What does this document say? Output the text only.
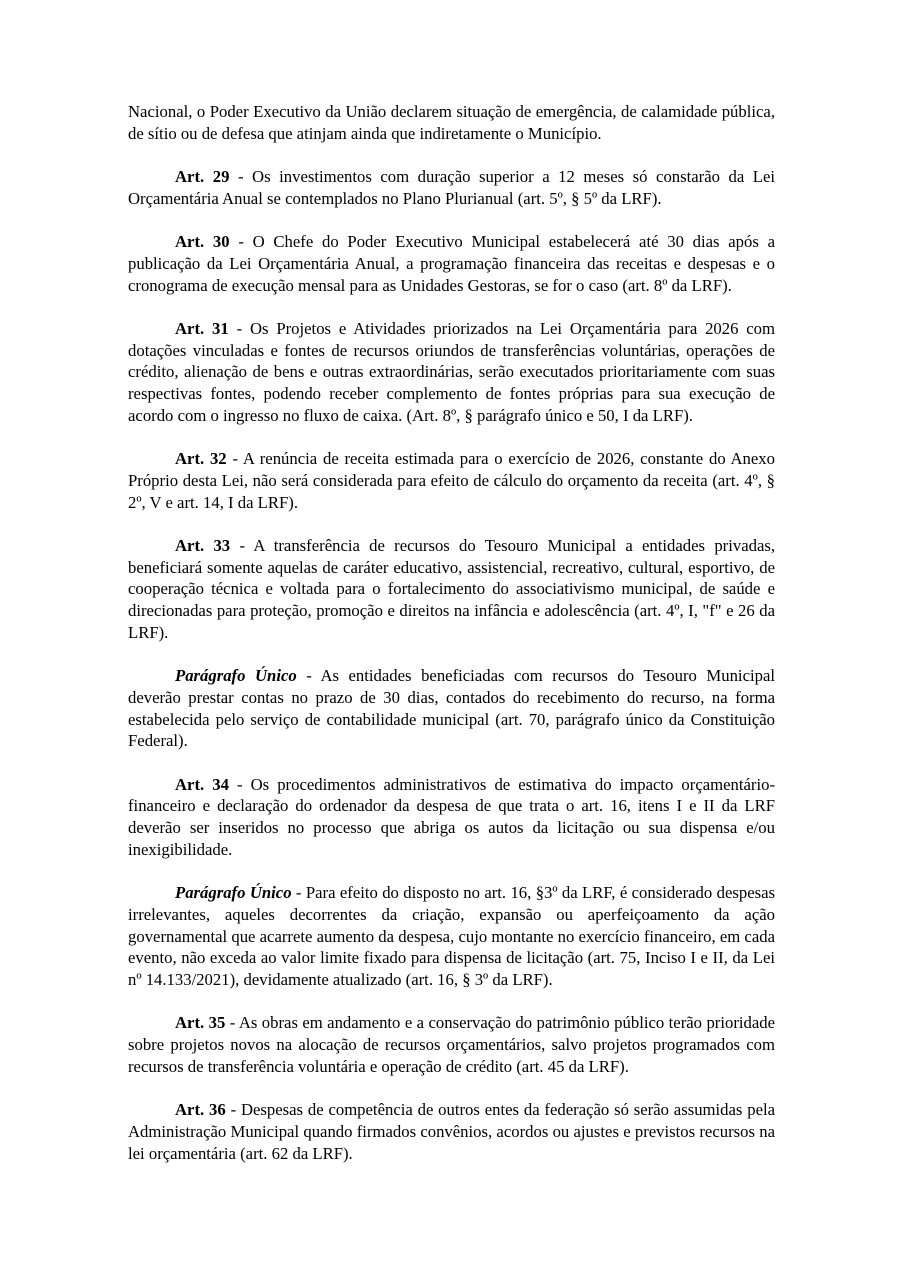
Nacional, o Poder Executivo da União declarem situação de emergência, de calamidade pública, de sítio ou de defesa que atinjam ainda que indiretamente o Município.

Art. 29 - Os investimentos com duração superior a 12 meses só constarão da Lei Orçamentária Anual se contemplados no Plano Plurianual (art. 5º, § 5º da LRF).

Art. 30 - O Chefe do Poder Executivo Municipal estabelecerá até 30 dias após a publicação da Lei Orçamentária Anual, a programação financeira das receitas e despesas e o cronograma de execução mensal para as Unidades Gestoras, se for o caso (art. 8º da LRF).

Art. 31 - Os Projetos e Atividades priorizados na Lei Orçamentária para 2026 com dotações vinculadas e fontes de recursos oriundos de transferências voluntárias, operações de crédito, alienação de bens e outras extraordinárias, serão executados prioritariamente com suas respectivas fontes, podendo receber complemento de fontes próprias para sua execução de acordo com o ingresso no fluxo de caixa. (Art. 8º, § parágrafo único e 50, I da LRF).

Art. 32 - A renúncia de receita estimada para o exercício de 2026, constante do Anexo Próprio desta Lei, não será considerada para efeito de cálculo do orçamento da receita (art. 4º, § 2º, V e art. 14, I da LRF).

Art. 33 - A transferência de recursos do Tesouro Municipal a entidades privadas, beneficiará somente aquelas de caráter educativo, assistencial, recreativo, cultural, esportivo, de cooperação técnica e voltada para o fortalecimento do associativismo municipal, de saúde e direcionadas para proteção, promoção e direitos na infância e adolescência (art. 4º, I, "f" e 26 da LRF).

Parágrafo Único - As entidades beneficiadas com recursos do Tesouro Municipal deverão prestar contas no prazo de 30 dias, contados do recebimento do recurso, na forma estabelecida pelo serviço de contabilidade municipal (art. 70, parágrafo único da Constituição Federal).

Art. 34 - Os procedimentos administrativos de estimativa do impacto orçamentário-financeiro e declaração do ordenador da despesa de que trata o art. 16, itens I e II da LRF deverão ser inseridos no processo que abriga os autos da licitação ou sua dispensa e/ou inexigibilidade.

Parágrafo Único - Para efeito do disposto no art. 16, §3º da LRF, é considerado despesas irrelevantes, aqueles decorrentes da criação, expansão ou aperfeiçoamento da ação governamental que acarrete aumento da despesa, cujo montante no exercício financeiro, em cada evento, não exceda ao valor limite fixado para dispensa de licitação (art. 75, Inciso I e II, da Lei nº 14.133/2021), devidamente atualizado (art. 16, § 3º da LRF).

Art. 35 - As obras em andamento e a conservação do patrimônio público terão prioridade sobre projetos novos na alocação de recursos orçamentários, salvo projetos programados com recursos de transferência voluntária e operação de crédito (art. 45 da LRF).

Art. 36 - Despesas de competência de outros entes da federação só serão assumidas pela Administração Municipal quando firmados convênios, acordos ou ajustes e previstos recursos na lei orçamentária (art. 62 da LRF).
